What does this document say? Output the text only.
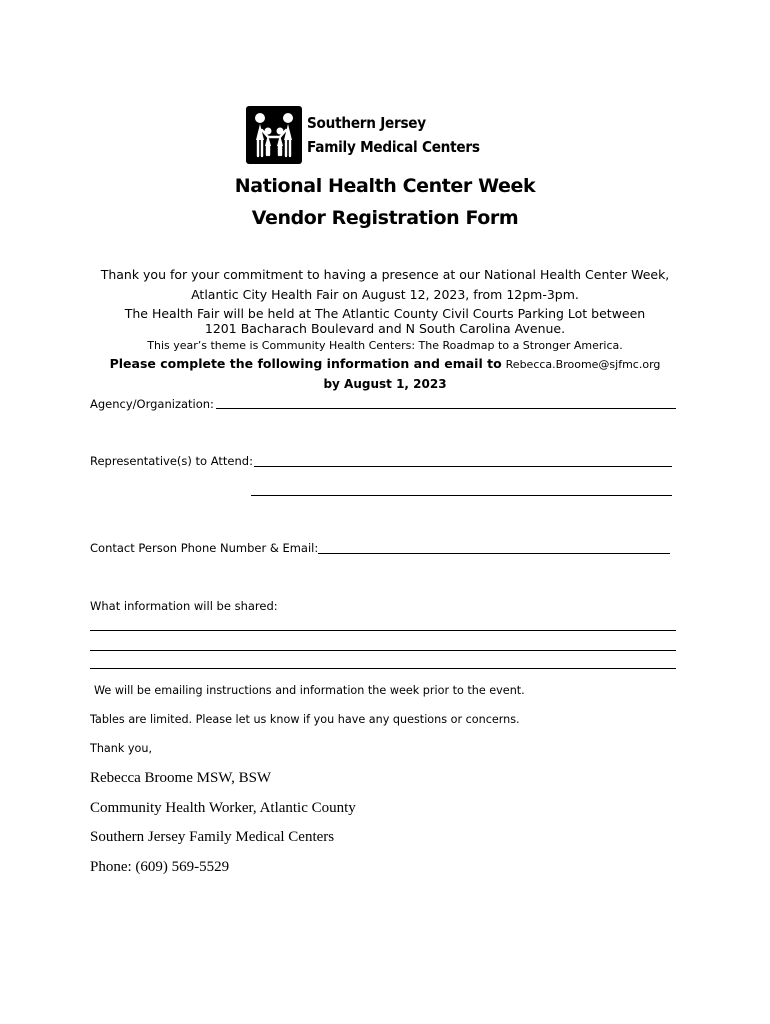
Southern Jersey
Family Medical Centers
National Health Center Week
Vendor Registration Form
Thank you for your commitment to having a presence at our National Health Center Week,
Atlantic City Health Fair on August 12, 2023, from 12pm-3pm.
The Health Fair will be held at The Atlantic County Civil Courts Parking Lot between
1201 Bacharach Boulevard and N South Carolina Avenue.
This year’s theme is Community Health Centers: The Roadmap to a Stronger America.
Please complete the following information and email to Rebecca.Broome@sjfmc.org
by August 1, 2023
Agency/Organization:
Representative(s) to Attend:
Contact Person Phone Number & Email:
What information will be shared:
We will be emailing instructions and information the week prior to the event.
Tables are limited. Please let us know if you have any questions or concerns.
Thank you,
Rebecca Broome MSW, BSW
Community Health Worker, Atlantic County
Southern Jersey Family Medical Centers
Phone: (609) 569-5529
